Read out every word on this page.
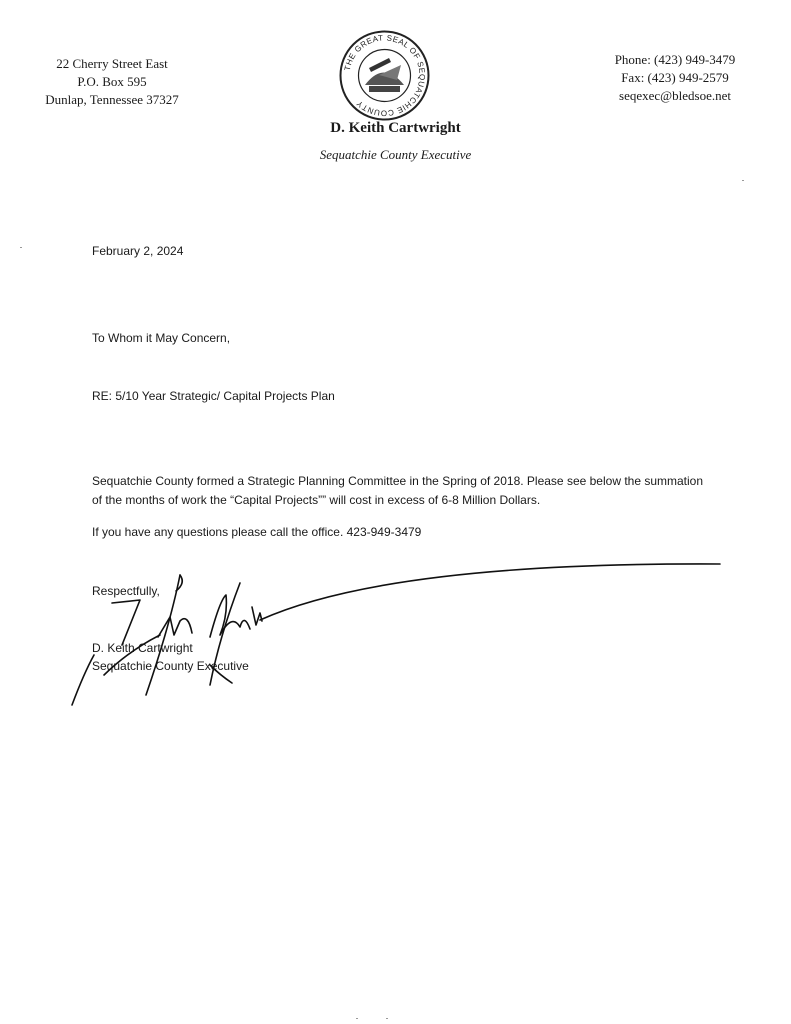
22 Cherry Street East
P.O. Box 595
Dunlap, Tennessee 37327
THE GREAT SEAL OF SEQUATCHIE COUNTY
Phone: (423) 949-3479
Fax: (423) 949-2579
seqexec@bledsoe.net
D. Keith Cartwright
Sequatchie County Executive
February 2, 2024
To Whom it May Concern,
RE: 5/10 Year Strategic/ Capital Projects Plan
Sequatchie County formed a Strategic Planning Committee in the Spring of 2018. Please see below the summation of the months of work the “Capital Projects”” will cost in excess of 6-8 Million Dollars.
If you have any questions please call the office. 423-949-3479
Respectfully,
D. Keith Cartwright
Sequatchie County Executive
